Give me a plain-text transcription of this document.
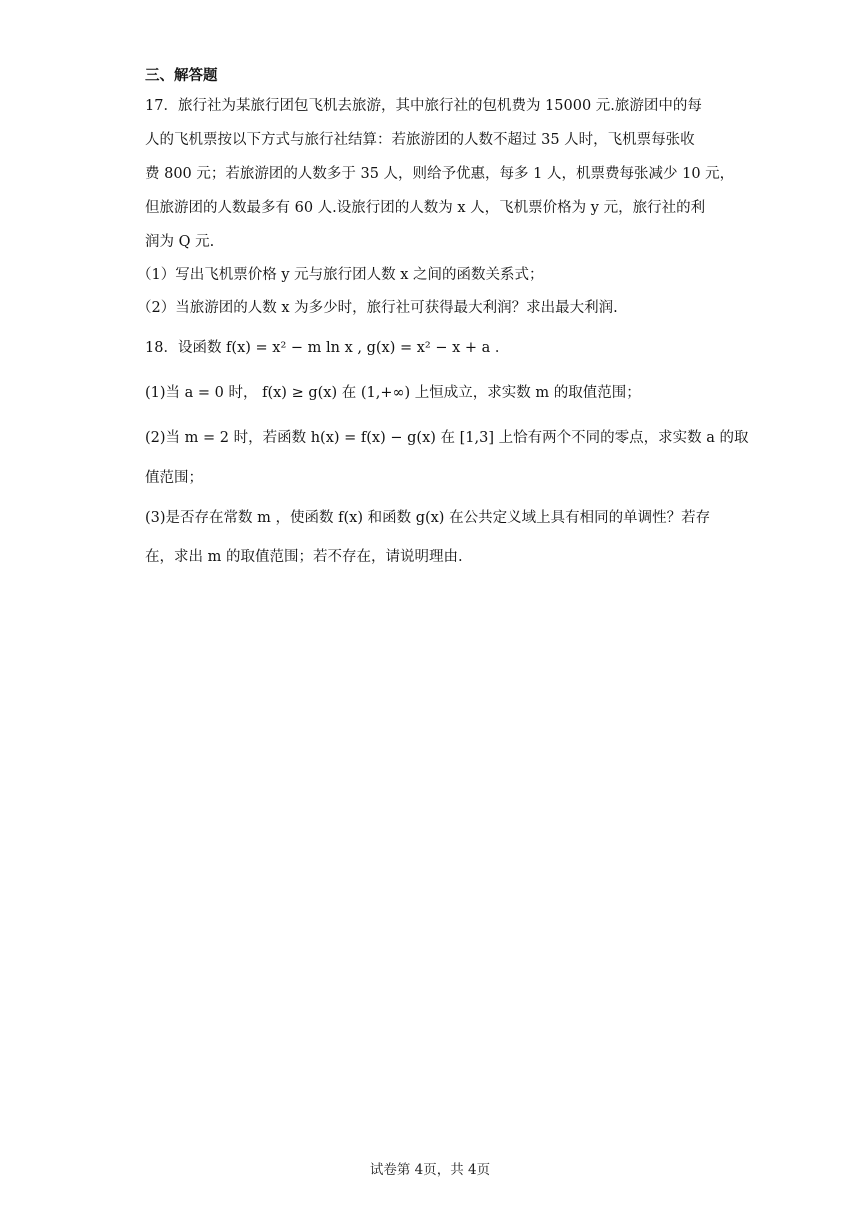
三、解答题
17．旅行社为某旅行团包飞机去旅游，其中旅行社的包机费为 15000 元.旅游团中的每
人的飞机票按以下方式与旅行社结算：若旅游团的人数不超过 35 人时，飞机票每张收
费 800 元；若旅游团的人数多于 35 人，则给予优惠，每多 1 人，机票费每张减少 10 元，
但旅游团的人数最多有 60 人.设旅行团的人数为 x 人，飞机票价格为 y 元，旅行社的利
润为 Q 元.
（1）写出飞机票价格 y 元与旅行团人数 x 之间的函数关系式；
（2）当旅游团的人数 x 为多少时，旅行社可获得最大利润？求出最大利润.
18．设函数 f(x) = x² − m ln x , g(x) = x² − x + a ．
(1)当 a = 0 时， f(x) ≥ g(x) 在 (1,+∞) 上恒成立，求实数 m 的取值范围；
(2)当 m = 2 时，若函数 h(x) = f(x) − g(x) 在 [1,3] 上恰有两个不同的零点，求实数 a 的取
值范围；
(3)是否存在常数 m ，使函数 f(x) 和函数 g(x) 在公共定义域上具有相同的单调性？若存
在，求出 m 的取值范围；若不存在，请说明理由.
试卷第 4页，共 4页
